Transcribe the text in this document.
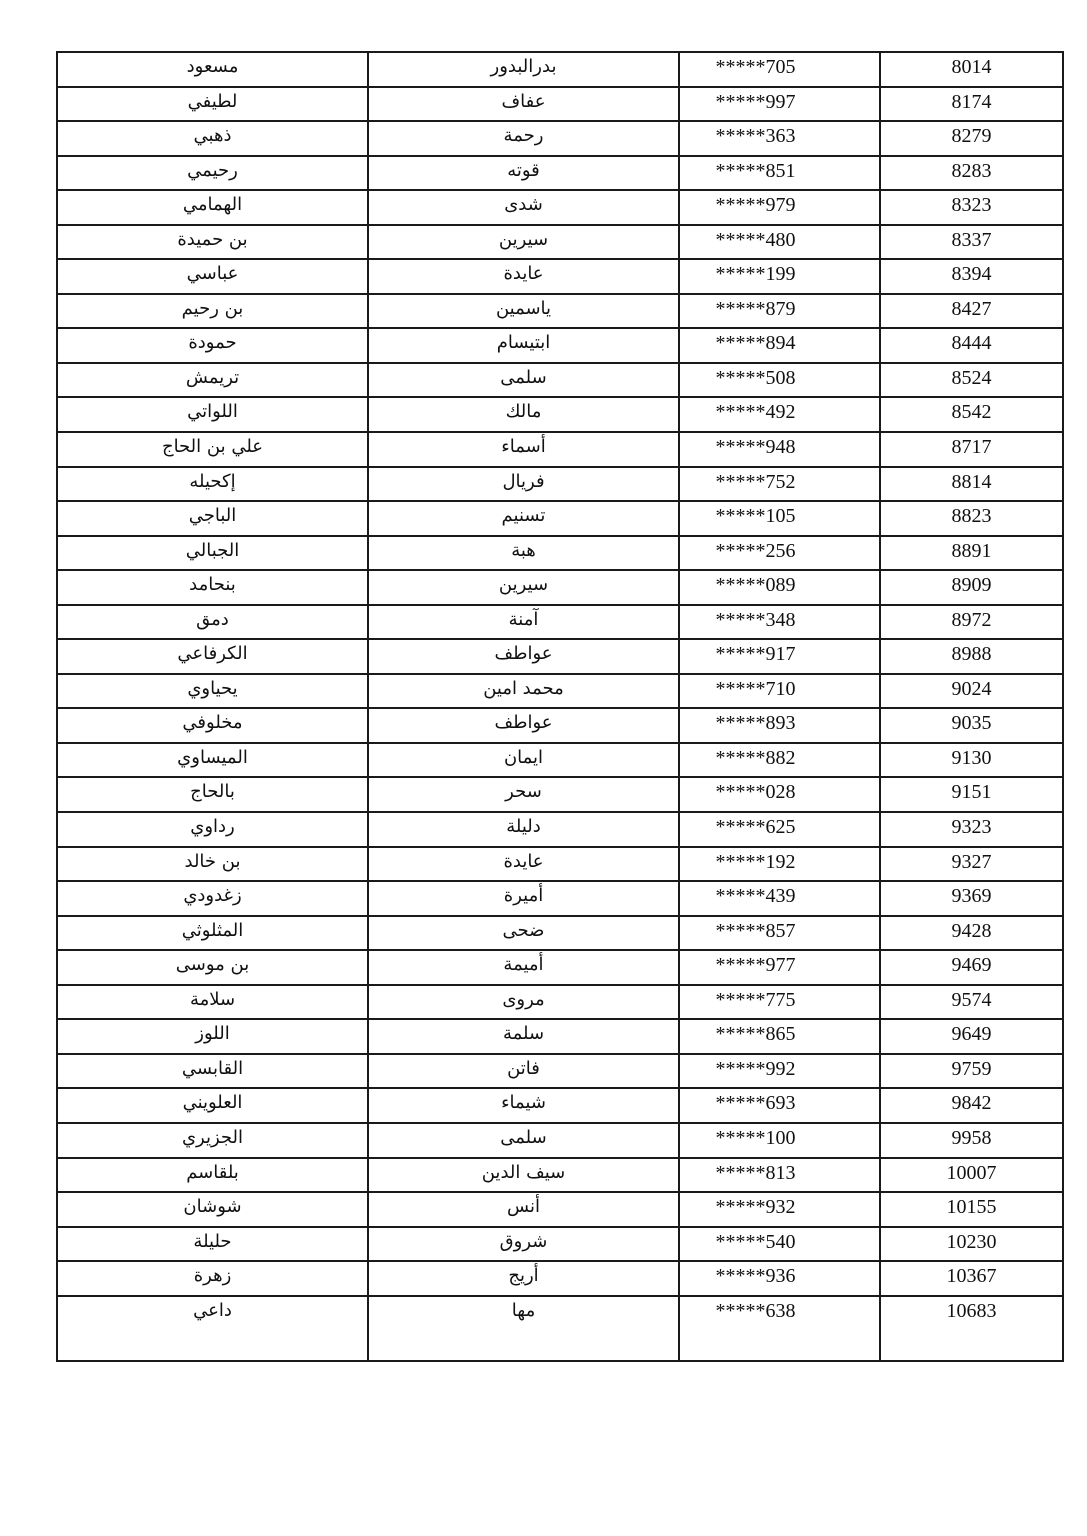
مسعود	بدرالبدور	*****705	8014
لطيفي	عفاف	*****997	8174
ذهبي	رحمة	*****363	8279
رحيمي	قوته	*****851	8283
الهمامي	شدى	*****979	8323
بن حميدة	سيرين	*****480	8337
عباسي	عايدة	*****199	8394
بن رحيم	ياسمين	*****879	8427
حمودة	ابتيسام	*****894	8444
تريمش	سلمى	*****508	8524
اللواتي	مالك	*****492	8542
علي بن الحاج	أسماء	*****948	8717
إكحيله	فريال	*****752	8814
الباجي	تسنيم	*****105	8823
الجبالي	هبة	*****256	8891
بنحامد	سيرين	*****089	8909
دمق	آمنة	*****348	8972
الكرفاعي	عواطف	*****917	8988
يحياوي	محمد امين	*****710	9024
مخلوفي	عواطف	*****893	9035
الميساوي	ايمان	*****882	9130
بالحاج	سحر	*****028	9151
رداوي	دليلة	*****625	9323
بن خالد	عايدة	*****192	9327
زغدودي	أميرة	*****439	9369
المثلوثي	ضحى	*****857	9428
بن موسى	أميمة	*****977	9469
سلامة	مروى	*****775	9574
اللوز	سلمة	*****865	9649
القابسي	فاتن	*****992	9759
العلويني	شيماء	*****693	9842
الجزيري	سلمى	*****100	9958
بلقاسم	سيف الدين	*****813	10007
شوشان	أنس	*****932	10155
حليلة	شروق	*****540	10230
زهرة	أريج	*****936	10367
داعي	مها	*****638	10683
